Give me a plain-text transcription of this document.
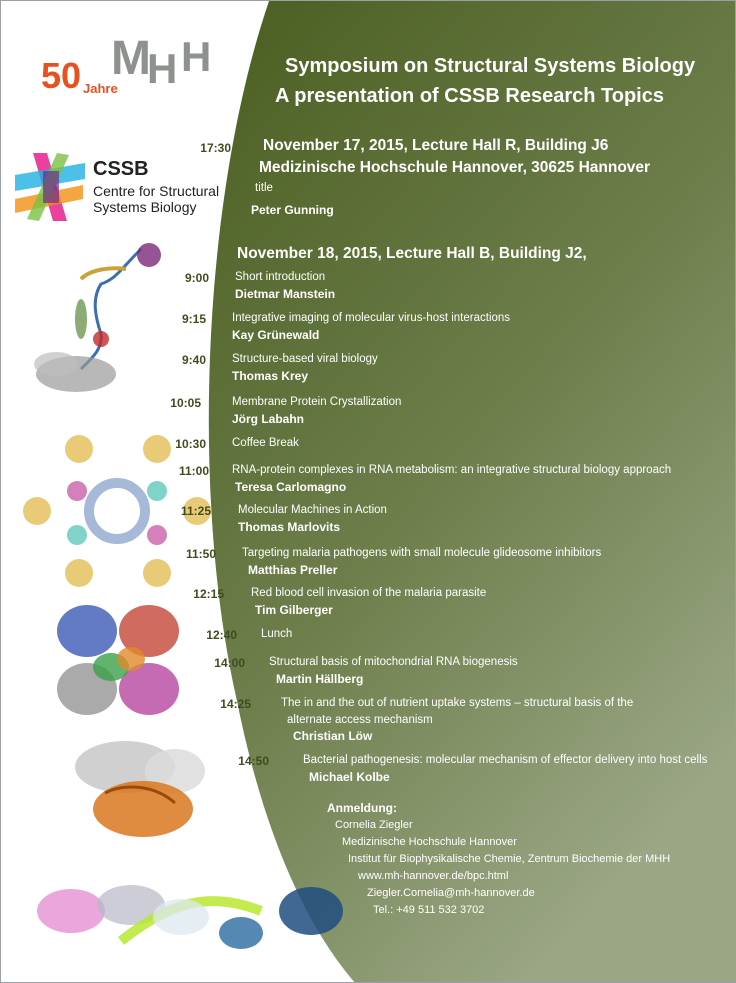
50 Jahre
M
H H
CSSB
Centre for Structural
Systems Biology
Symposium on Structural Systems Biology
A presentation of CSSB Research Topics
17:30 November 17, 2015, Lecture Hall R, Building J6
Medizinische Hochschule Hannover, 30625 Hannover
title
Peter Gunning
November 18, 2015, Lecture Hall B, Building J2,
9:00 Short introduction
Dietmar Manstein
9:15 Integrative imaging of molecular virus-host interactions
Kay Grünewald
9:40 Structure-based viral biology
Thomas Krey
10:05	Membrane Protein Crystallization
Jörg Labahn
10:30 Coffee Break
11:00 RNA-protein complexes in RNA metabolism: an integrative structural biology approach
Teresa Carlomagno
11:25 Molecular Machines in Action
Thomas Marlovits
11:50 Targeting malaria pathogens with small molecule glideosome inhibitors
Matthias Preller
12:15 Red blood cell invasion of the malaria parasite
Tim Gilberger
12:40 Lunch
14:00 Structural basis of mitochondrial RNA biogenesis
Martin Hällberg
14:25	The in and the out of nutrient uptake systems – structural basis of the
alternate access mechanism
Christian Löw
14:50	Bacterial pathogenesis: molecular mechanism of effector delivery into host cells
Michael Kolbe
Anmeldung:
Cornelia Ziegler
Medizinische Hochschule Hannover
Institut für Biophysikalische Chemie, Zentrum Biochemie der MHH
www.mh-hannover.de/bpc.html
Ziegler.Cornelia@mh-hannover.de
Tel.: +49 511 532 3702
